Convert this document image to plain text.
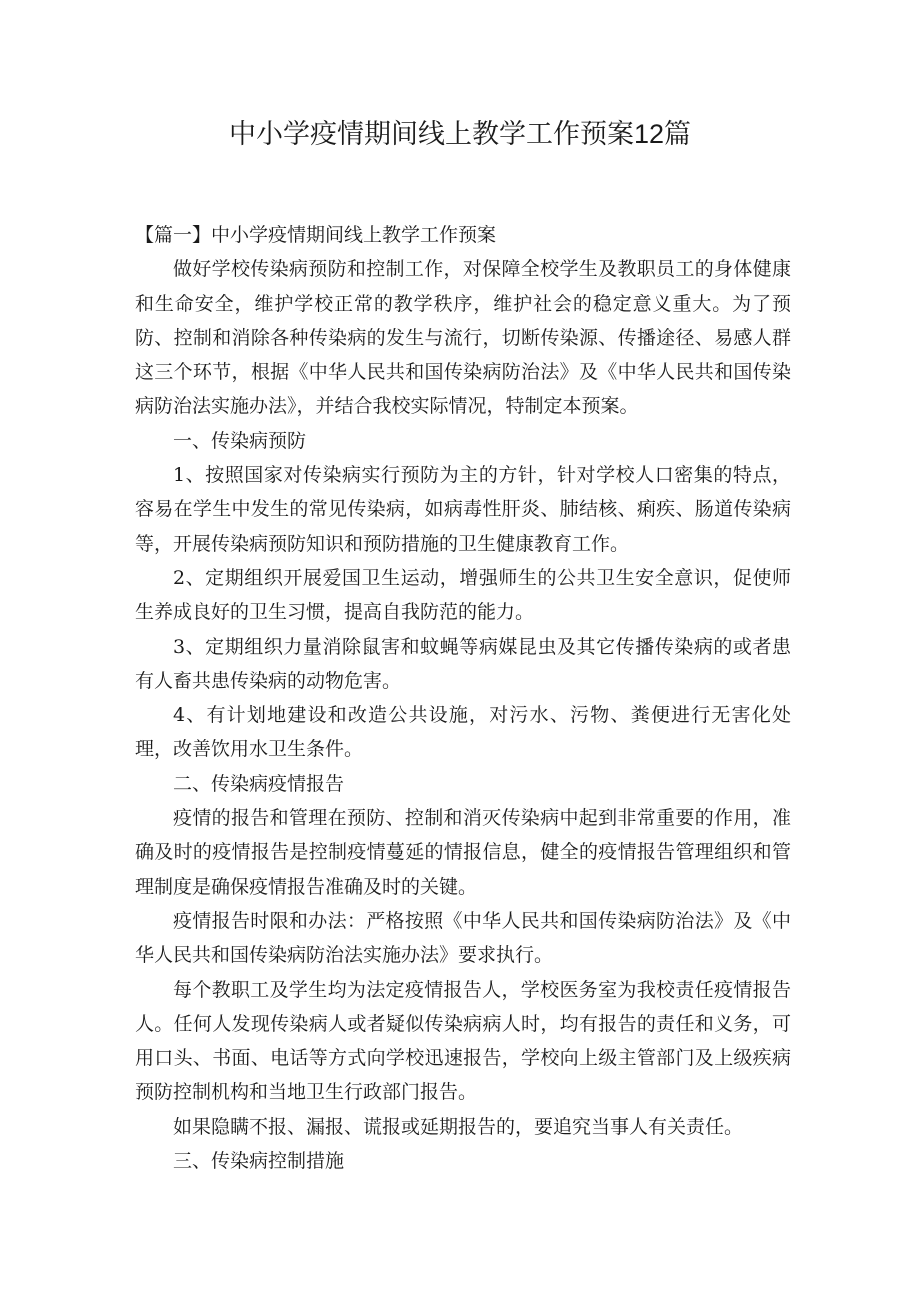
中小学疫情期间线上教学工作预案12篇

【篇一】中小学疫情期间线上教学工作预案

做好学校传染病预防和控制工作，对保障全校学生及教职员工的身体健康和生命安全，维护学校正常的教学秩序，维护社会的稳定意义重大。为了预防、控制和消除各种传染病的发生与流行，切断传染源、传播途径、易感人群这三个环节，根据《中华人民共和国传染病防治法》及《中华人民共和国传染病防治法实施办法》，并结合我校实际情况，特制定本预案。

一、传染病预防

1、按照国家对传染病实行预防为主的方针，针对学校人口密集的特点，容易在学生中发生的常见传染病，如病毒性肝炎、肺结核、痢疾、肠道传染病等，开展传染病预防知识和预防措施的卫生健康教育工作。

2、定期组织开展爱国卫生运动，增强师生的公共卫生安全意识，促使师生养成良好的卫生习惯，提高自我防范的能力。

3、定期组织力量消除鼠害和蚊蝇等病媒昆虫及其它传播传染病的或者患有人畜共患传染病的动物危害。

4、有计划地建设和改造公共设施，对污水、污物、粪便进行无害化处理，改善饮用水卫生条件。

二、传染病疫情报告

疫情的报告和管理在预防、控制和消灭传染病中起到非常重要的作用，准确及时的疫情报告是控制疫情蔓延的情报信息，健全的疫情报告管理组织和管理制度是确保疫情报告准确及时的关键。

疫情报告时限和办法：严格按照《中华人民共和国传染病防治法》及《中华人民共和国传染病防治法实施办法》要求执行。

每个教职工及学生均为法定疫情报告人，学校医务室为我校责任疫情报告人。任何人发现传染病人或者疑似传染病病人时，均有报告的责任和义务，可用口头、书面、电话等方式向学校迅速报告，学校向上级主管部门及上级疾病预防控制机构和当地卫生行政部门报告。

如果隐瞒不报、漏报、谎报或延期报告的，要追究当事人有关责任。

三、传染病控制措施
